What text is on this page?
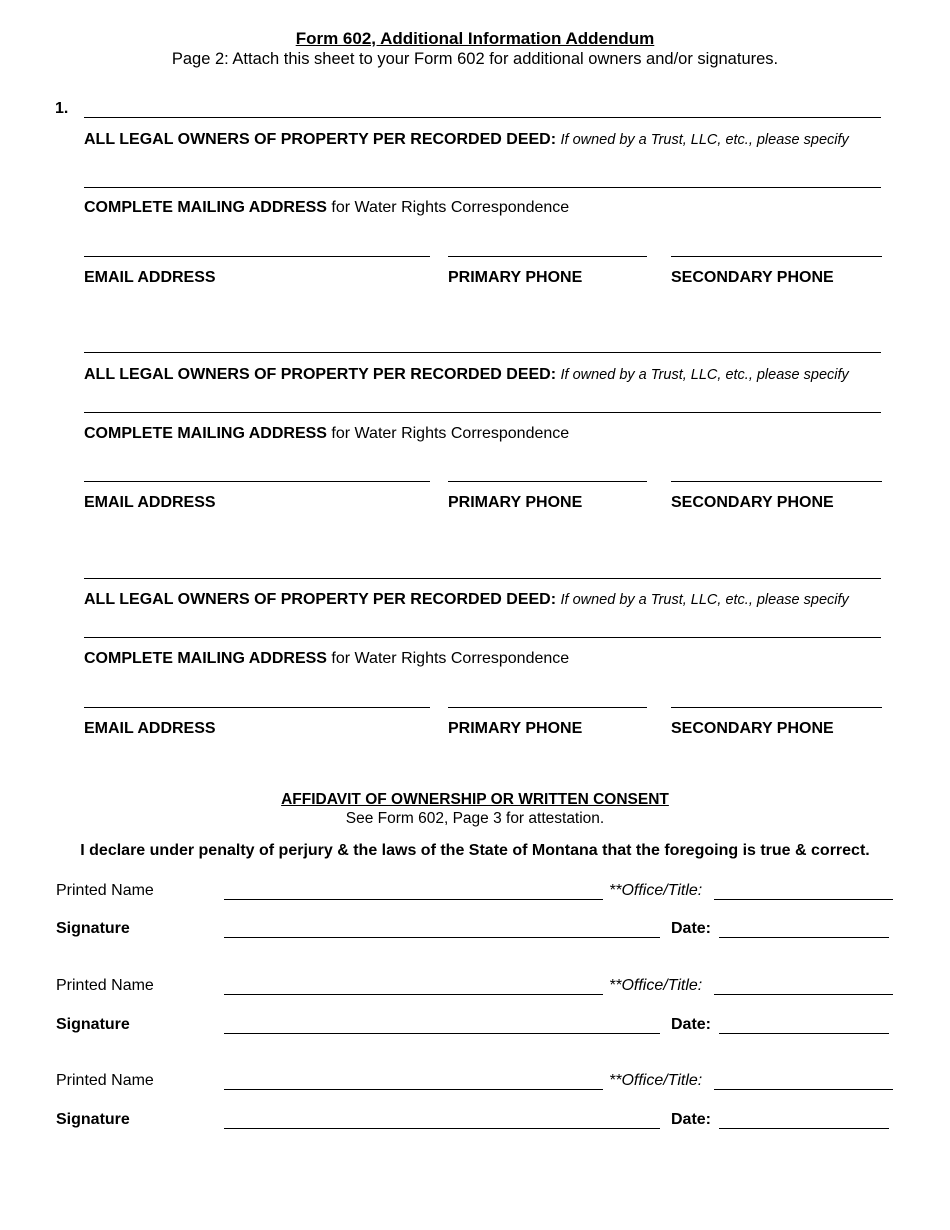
Form 602, Additional Information Addendum
Page 2: Attach this sheet to your Form 602 for additional owners and/or signatures.
1.
ALL LEGAL OWNERS OF PROPERTY PER RECORDED DEED: If owned by a Trust, LLC, etc., please specify
COMPLETE MAILING ADDRESS for Water Rights Correspondence
EMAIL ADDRESS	PRIMARY PHONE	SECONDARY PHONE
ALL LEGAL OWNERS OF PROPERTY PER RECORDED DEED: If owned by a Trust, LLC, etc., please specify
COMPLETE MAILING ADDRESS for Water Rights Correspondence
EMAIL ADDRESS	PRIMARY PHONE	SECONDARY PHONE
ALL LEGAL OWNERS OF PROPERTY PER RECORDED DEED: If owned by a Trust, LLC, etc., please specify
COMPLETE MAILING ADDRESS for Water Rights Correspondence
EMAIL ADDRESS	PRIMARY PHONE	SECONDARY PHONE
AFFIDAVIT OF OWNERSHIP OR WRITTEN CONSENT
See Form 602, Page 3 for attestation.
I declare under penalty of perjury & the laws of the State of Montana that the foregoing is true & correct.
Printed Name	**Office/Title:
Signature	Date:
Printed Name	**Office/Title:
Signature	Date:
Printed Name	**Office/Title:
Signature	Date:
